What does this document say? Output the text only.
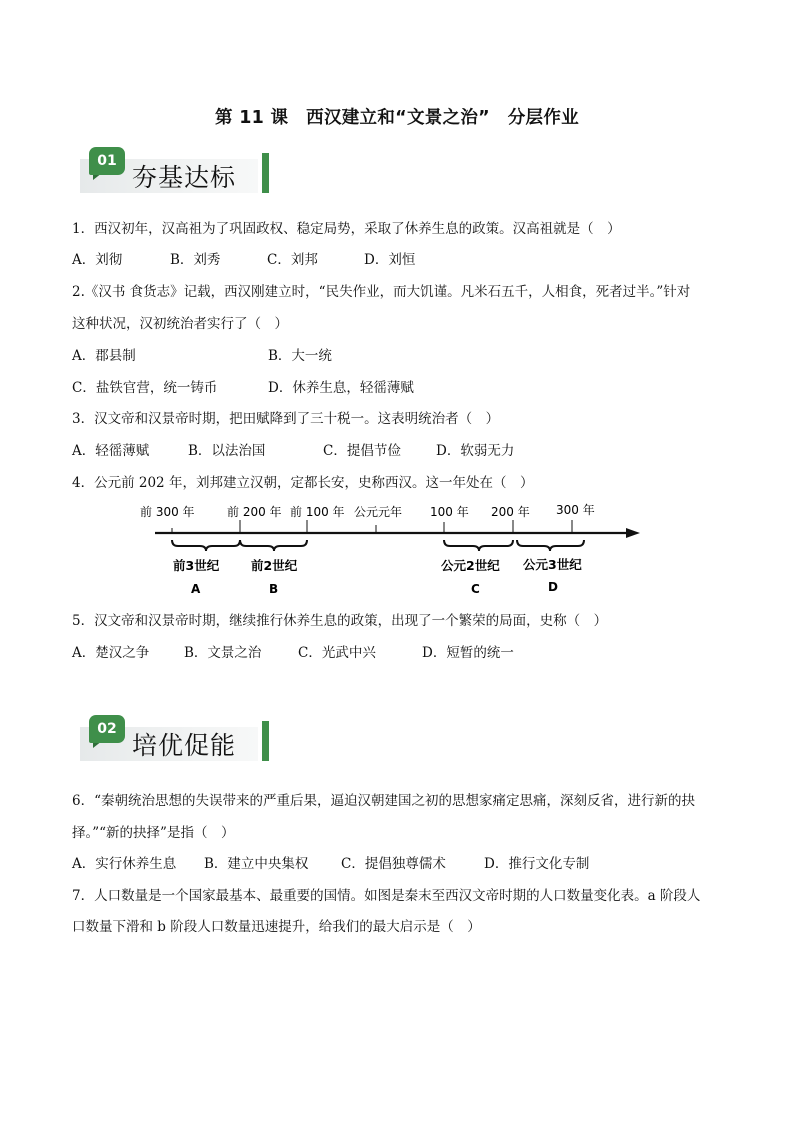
第 11 课　西汉建立和“文景之治”　分层作业
01
夯基达标
1．西汉初年，汉高祖为了巩固政权、稳定局势，采取了休养生息的政策。汉高祖就是（　）
A．刘彻	B．刘秀	C．刘邦	D．刘恒
2.《汉书 食货志》记载，西汉刚建立时，“民失作业，而大饥谨。凡米石五千，人相食，死者过半。”针对
这种状况，汉初统治者实行了（　）
A．郡县制	B．大一统
C．盐铁官营，统一铸币	D．休养生息，轻徭薄赋
3．汉文帝和汉景帝时期，把田赋降到了三十税一。这表明统治者（　）
A．轻徭薄赋	B．以法治国	C．提倡节俭	D．软弱无力
4．公元前 202 年，刘邦建立汉朝，定都长安，史称西汉。这一年处在（　）
前 300 年	前 200 年 前 100 年 公元元年 100 年 200 年 300 年
前3世纪
A
前2世纪
B
公元2世纪
C
公元3世纪
D
5．汉文帝和汉景帝时期，继续推行休养生息的政策，出现了一个繁荣的局面，史称（　）
A．楚汉之争	B．文景之治	C．光武中兴	D．短暂的统一
02
培优促能
6．“秦朝统治思想的失误带来的严重后果，逼迫汉朝建国之初的思想家痛定思痛，深刻反省，进行新的抉
择。”“新的抉择”是指（　）
A．实行休养生息 B．建立中央集权 C．提倡独尊儒术	D．推行文化专制
7．人口数量是一个国家最基本、最重要的国情。如图是秦末至西汉文帝时期的人口数量变化表。a 阶段人
口数量下滑和 b 阶段人口数量迅速提升，给我们的最大启示是（　）
